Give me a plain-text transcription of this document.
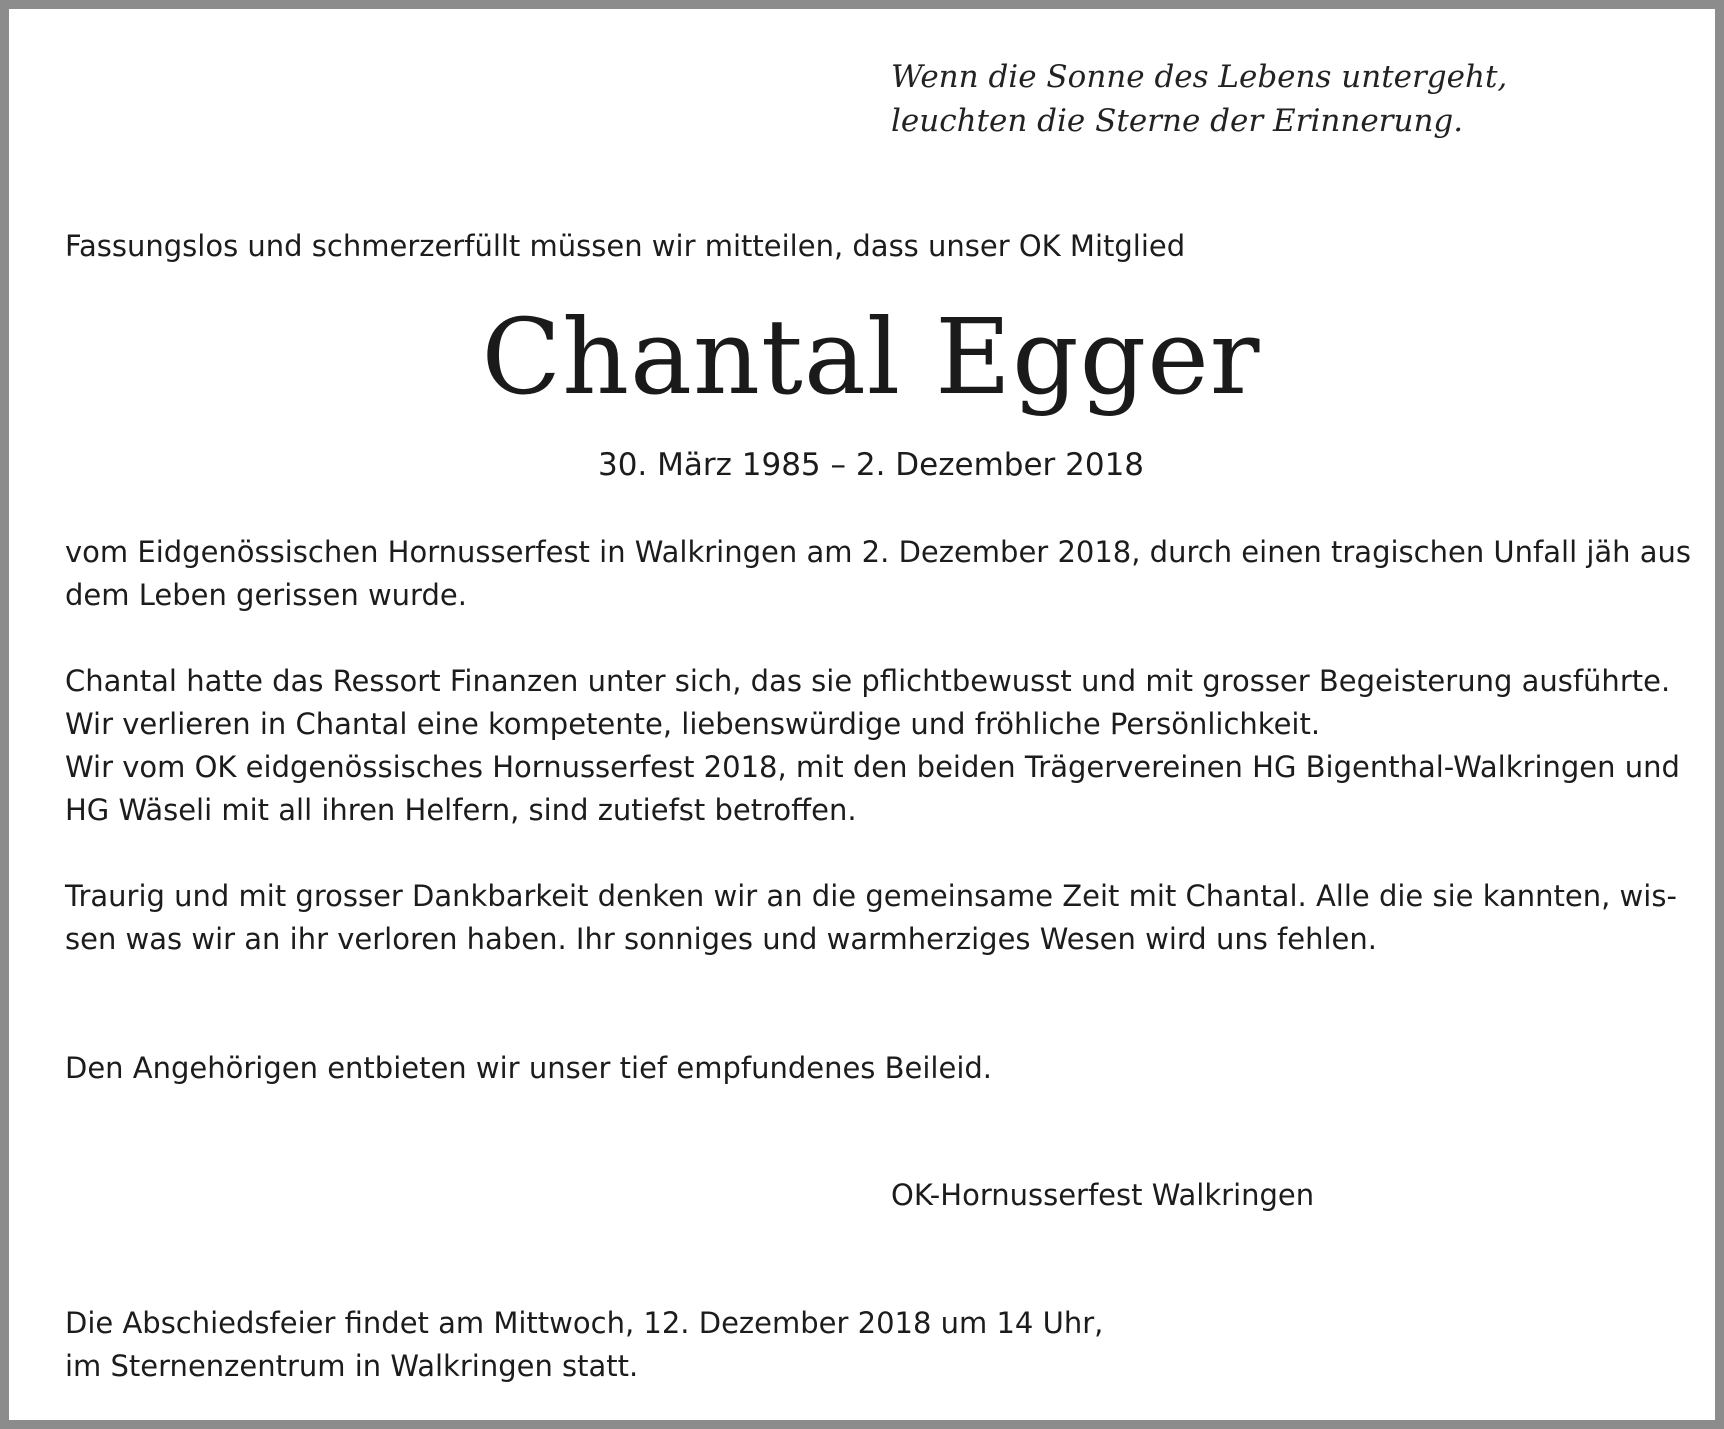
Wenn die Sonne des Lebens untergeht,
leuchten die Sterne der Erinnerung.
Fassungslos und schmerzerfüllt müssen wir mitteilen, dass unser OK Mitglied
Chantal Egger
30. März 1985 – 2. Dezember 2018
vom Eidgenössischen Hornusserfest in Walkringen am 2. Dezember 2018, durch einen tragischen Unfall jäh aus
dem Leben gerissen wurde.
Chantal hatte das Ressort Finanzen unter sich, das sie pflichtbewusst und mit grosser Begeisterung ausführte.
Wir verlieren in Chantal eine kompetente, liebenswürdige und fröhliche Persönlichkeit.
Wir vom OK eidgenössisches Hornusserfest 2018, mit den beiden Trägervereinen HG Bigenthal-Walkringen und
HG Wäseli mit all ihren Helfern, sind zutiefst betroffen.
Traurig und mit grosser Dankbarkeit denken wir an die gemeinsame Zeit mit Chantal. Alle die sie kannten, wis-
sen was wir an ihr verloren haben. Ihr sonniges und warmherziges Wesen wird uns fehlen.
Den Angehörigen entbieten wir unser tief empfundenes Beileid.
OK-Hornusserfest Walkringen
Die Abschiedsfeier findet am Mittwoch, 12. Dezember 2018 um 14 Uhr,
im Sternenzentrum in Walkringen statt.
